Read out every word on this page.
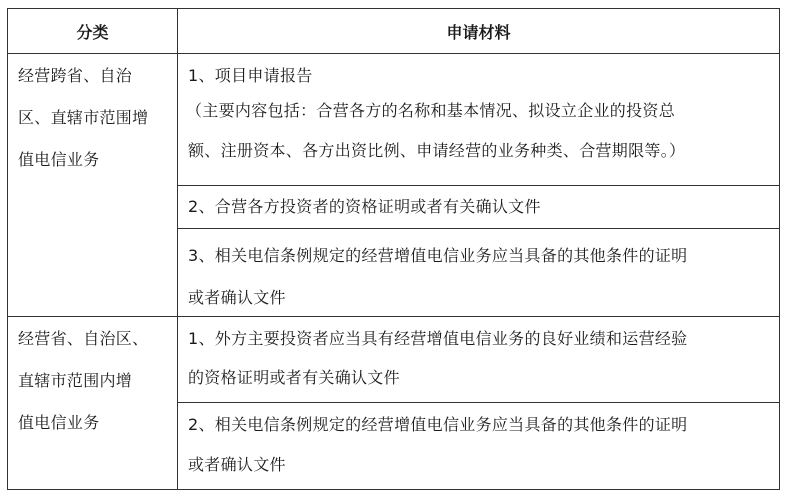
分类	申请材料
经营跨省、自治
区、直辖市范围增
值电信业务
1、项目申请报告
（主要内容包括：合营各方的名称和基本情况、拟设立企业的投资总
额、注册资本、各方出资比例、申请经营的业务种类、合营期限等。）
2、合营各方投资者的资格证明或者有关确认文件
3、相关电信条例规定的经营增值电信业务应当具备的其他条件的证明
或者确认文件
经营省、自治区、
直辖市范围内增
值电信业务
1、外方主要投资者应当具有经营增值电信业务的良好业绩和运营经验
的资格证明或者有关确认文件
2、相关电信条例规定的经营增值电信业务应当具备的其他条件的证明
或者确认文件
